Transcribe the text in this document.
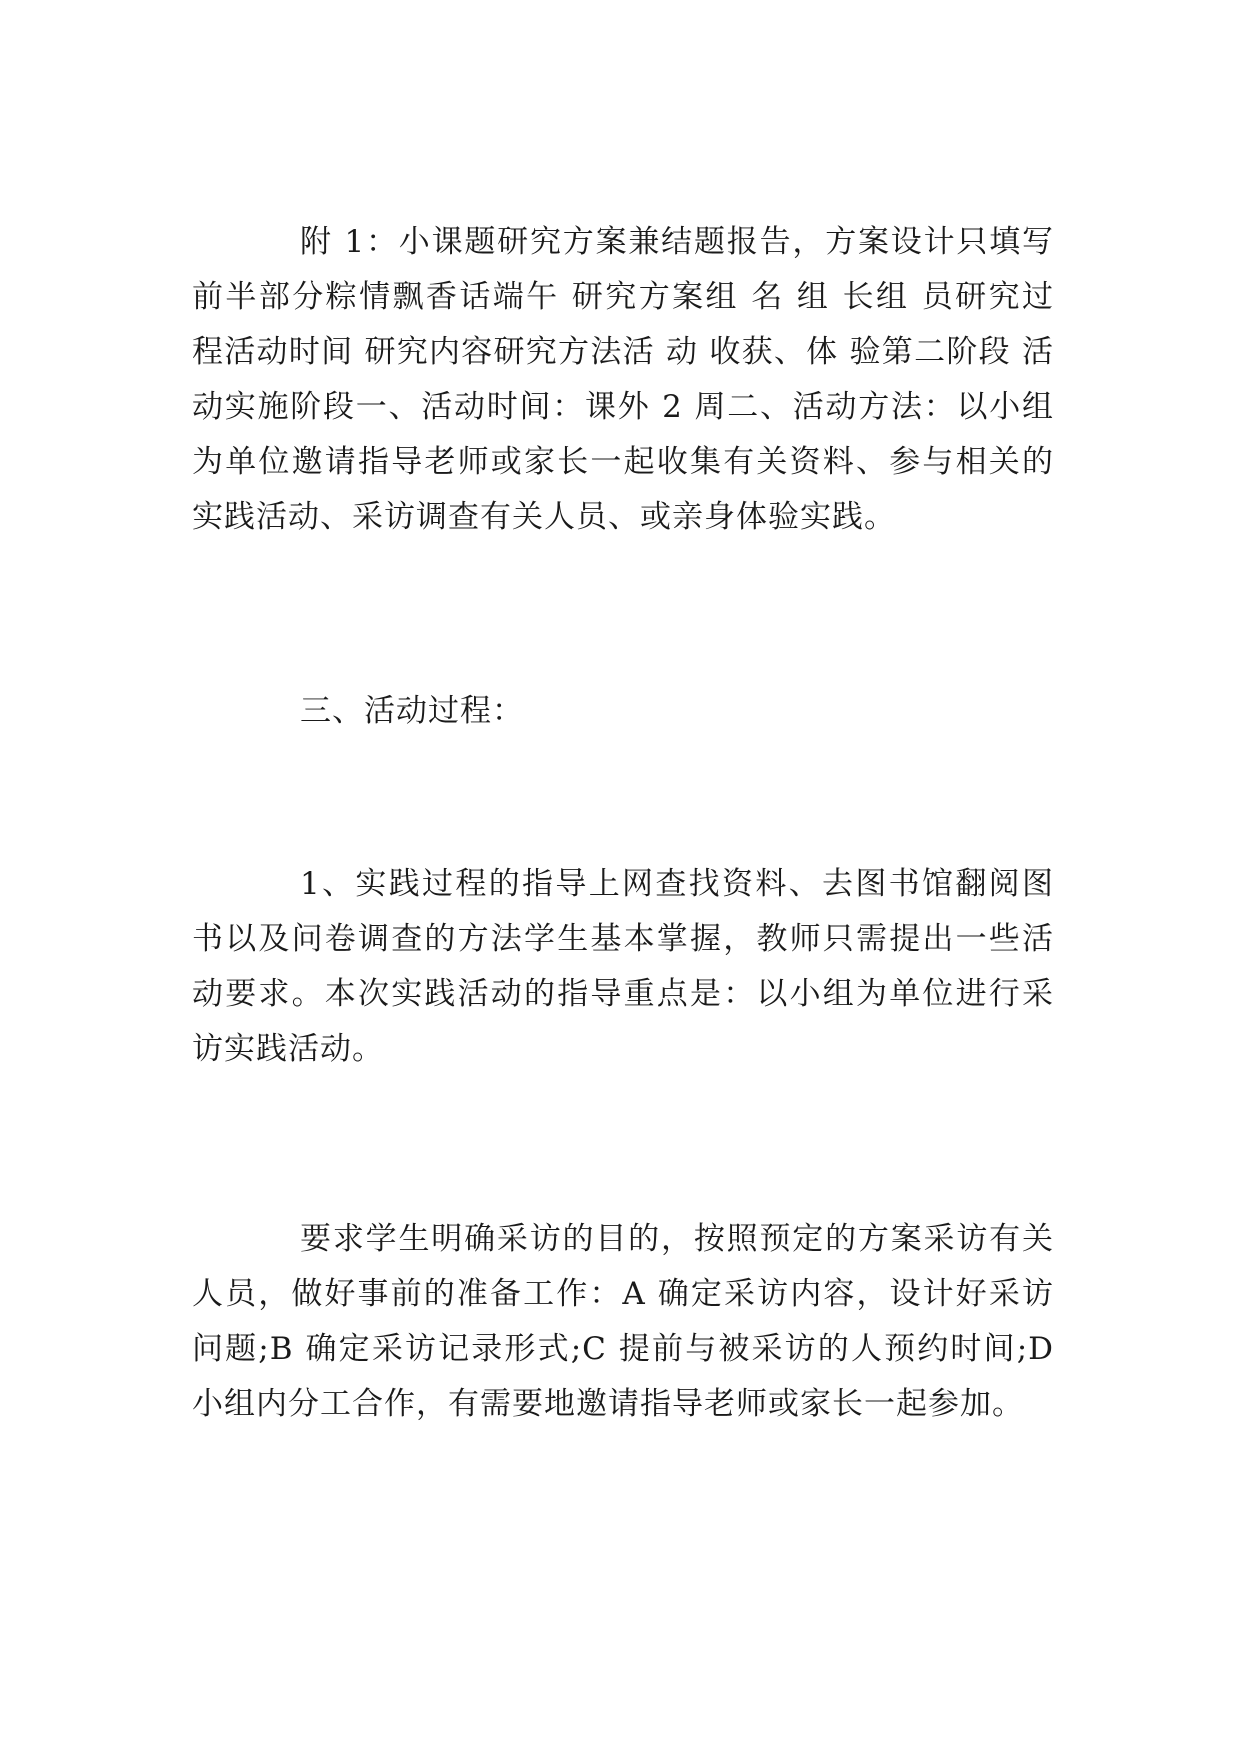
附 1：小课题研究方案兼结题报告，方案设计只填写前半部分粽情飘香话端午 研究方案组 名 组 长组 员研究过 程活动时间 研究内容研究方法活 动 收获、体 验第二阶段 活动实施阶段一、活动时间：课外 2 周二、活动方法：以小组为单位邀请指导老师或家长一起收集有关资料、参与相关的实践活动、采访调查有关人员、或亲身体验实践。

三、活动过程：

1、实践过程的指导上网查找资料、去图书馆翻阅图书以及问卷调查的方法学生基本掌握，教师只需提出一些活动要求。本次实践活动的指导重点是：以小组为单位进行采访实践活动。

要求学生明确采访的目的，按照预定的方案采访有关人员，做好事前的准备工作：A 确定采访内容，设计好采访问题;B 确定采访记录形式;C 提前与被采访的人预约时间;D 小组内分工合作，有需要地邀请指导老师或家长一起参加。
